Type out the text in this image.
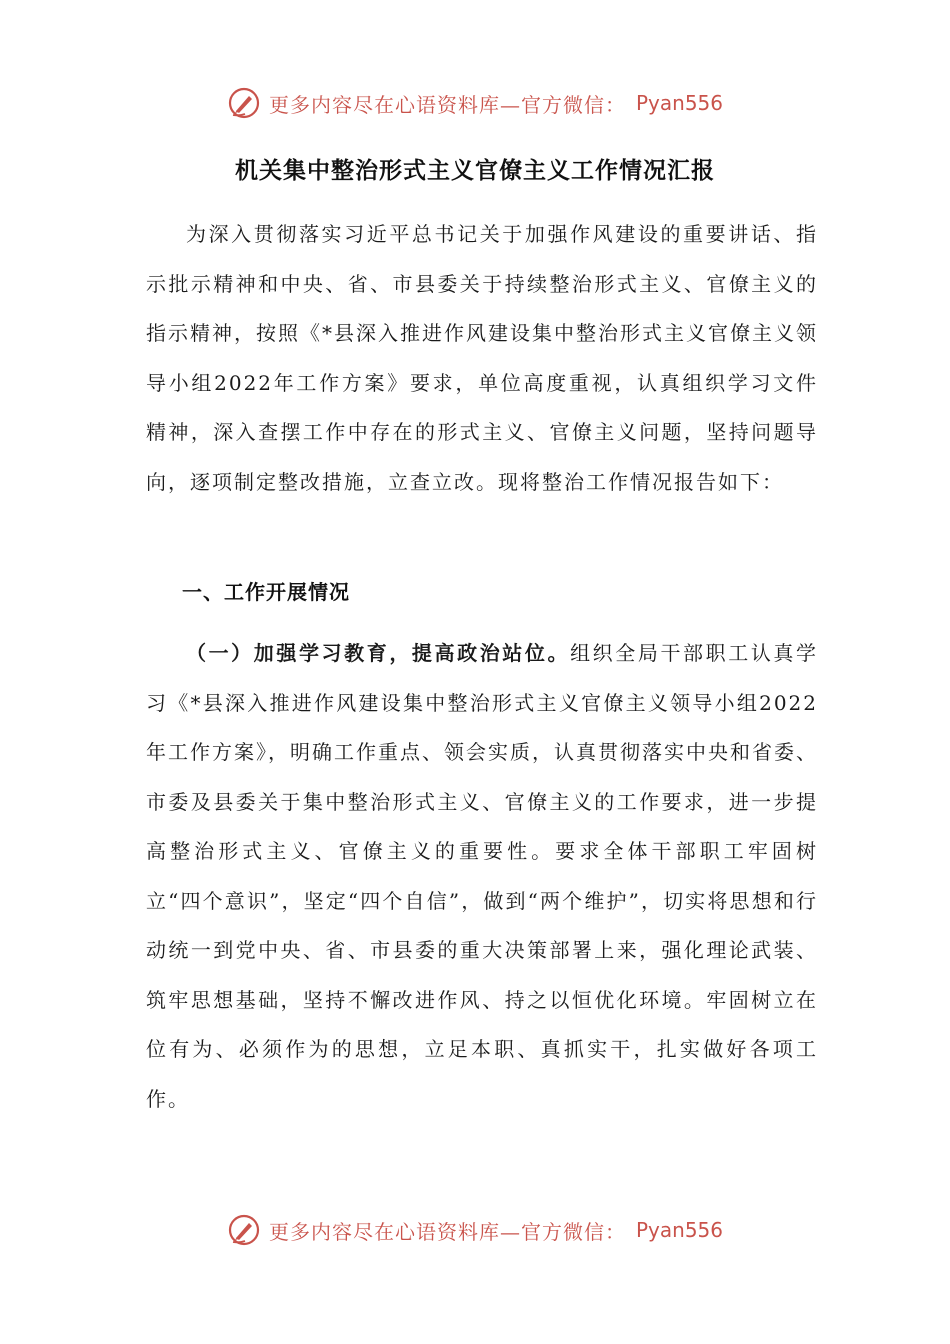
更多内容尽在心语资料库—官方微信： Pyan556
机关集中整治形式主义官僚主义工作情况汇报
为深入贯彻落实习近平总书记关于加强作风建设的重要讲话、指示批示精神和中央、省、市县委关于持续整治形式主义、官僚主义的指示精神，按照《*县深入推进作风建设集中整治形式主义官僚主义领导小组2022年工作方案》要求，单位高度重视，认真组织学习文件精神，深入查摆工作中存在的形式主义、官僚主义问题，坚持问题导向，逐项制定整改措施，立查立改。现将整治工作情况报告如下：
一、工作开展情况
（一）加强学习教育，提高政治站位。组织全局干部职工认真学习《*县深入推进作风建设集中整治形式主义官僚主义领导小组2022年工作方案》，明确工作重点、领会实质，认真贯彻落实中央和省委、市委及县委关于集中整治形式主义、官僚主义的工作要求，进一步提高整治形式主义、官僚主义的重要性。要求全体干部职工牢固树立“四个意识”，坚定“四个自信”，做到“两个维护”，切实将思想和行动统一到党中央、省、市县委的重大决策部署上来，强化理论武装、筑牢思想基础，坚持不懈改进作风、持之以恒优化环境。牢固树立在位有为、必须作为的思想，立足本职、真抓实干，扎实做好各项工作。
更多内容尽在心语资料库—官方微信： Pyan556
